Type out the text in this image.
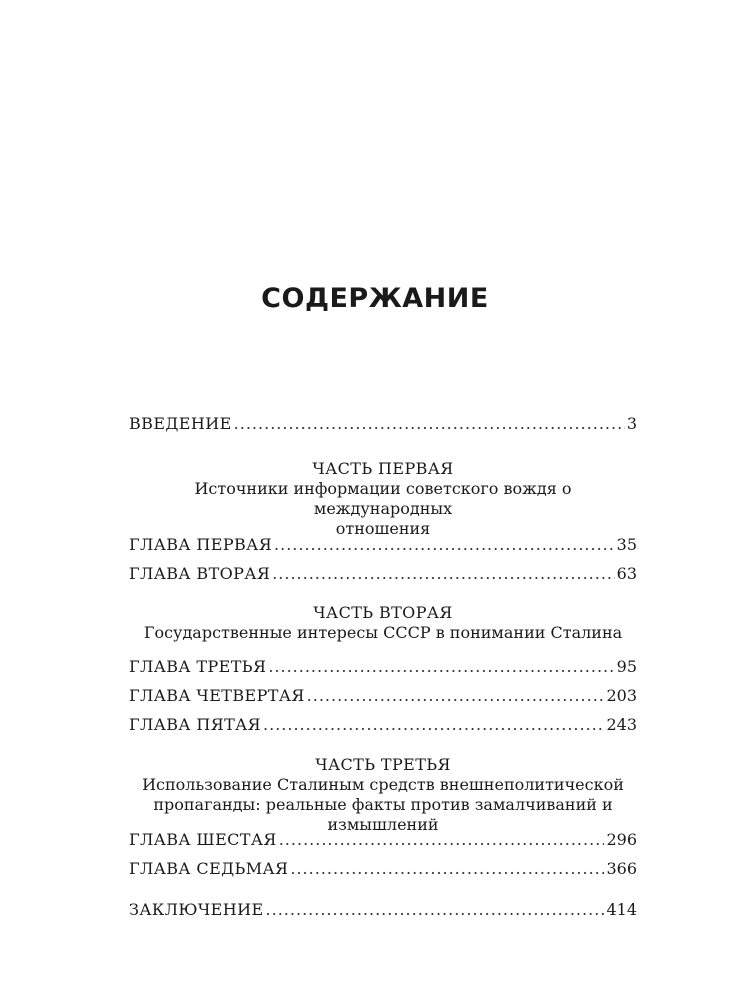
СОДЕРЖАНИЕ
ВВЕДЕНИЕ .....	3
ЧАСТЬ ПЕРВАЯ
Источники информации советского вождя о международных
отношения
ГЛАВА ПЕРВАЯ .....	35
ГЛАВА ВТОРАЯ .....	63
ЧАСТЬ ВТОРАЯ
Государственные интересы СССР в понимании Сталина
ГЛАВА ТРЕТЬЯ .....	95
ГЛАВА ЧЕТВЕРТАЯ .....	203
ГЛАВА ПЯТАЯ .....	243
ЧАСТЬ ТРЕТЬЯ
Использование Сталиным средств внешнеполитической
пропаганды: реальные факты против замалчиваний и измышлений
ГЛАВА ШЕСТАЯ .....	296
ГЛАВА СЕДЬМАЯ .....	366
ЗАКЛЮЧЕНИЕ .....	414
